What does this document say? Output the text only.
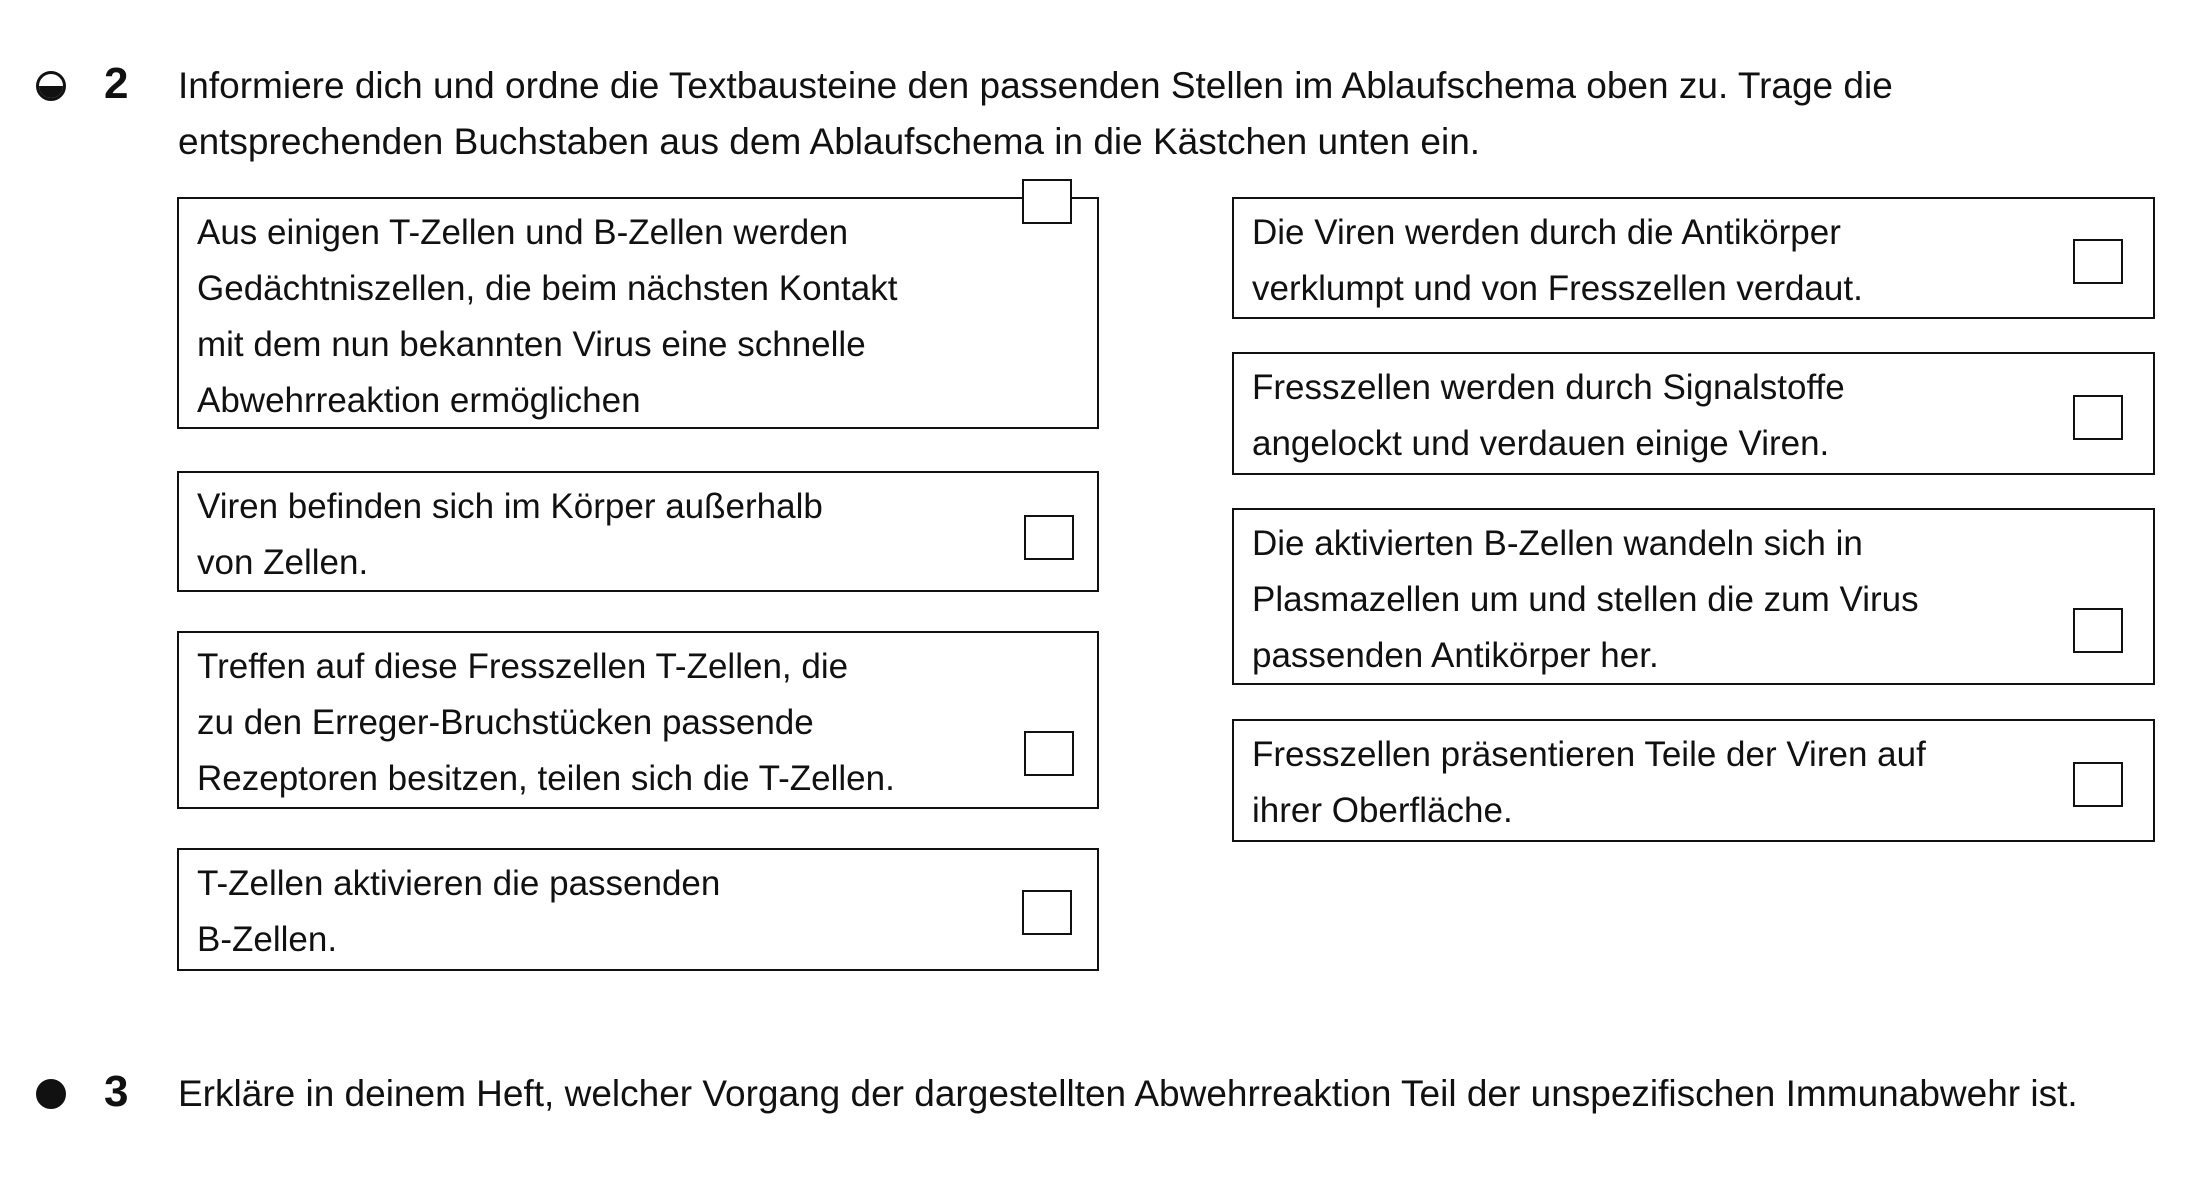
2 Informiere dich und ordne die Textbausteine den passenden Stellen im Ablaufschema oben zu. Trage die entsprechenden Buchstaben aus dem Ablaufschema in die Kästchen unten ein.
Aus einigen T-Zellen und B-Zellen werden
Gedächtniszellen, die beim nächsten Kontakt
mit dem nun bekannten Virus eine schnelle
Abwehrreaktion ermöglichen
Viren befinden sich im Körper außerhalb
von Zellen.
Treffen auf diese Fresszellen T-Zellen, die
zu den Erreger-Bruchstücken passende
Rezeptoren besitzen, teilen sich die T-Zellen.
T-Zellen aktivieren die passenden
B-Zellen.
Die Viren werden durch die Antikörper
verklumpt und von Fresszellen verdaut.
Fresszellen werden durch Signalstoffe
angelockt und verdauen einige Viren.
Die aktivierten B-Zellen wandeln sich in
Plasmazellen um und stellen die zum Virus
passenden Antikörper her.
Fresszellen präsentieren Teile der Viren auf
ihrer Oberfläche.
3 Erkläre in deinem Heft, welcher Vorgang der dargestellten Abwehrreaktion Teil der unspezifischen Immunabwehr ist.
